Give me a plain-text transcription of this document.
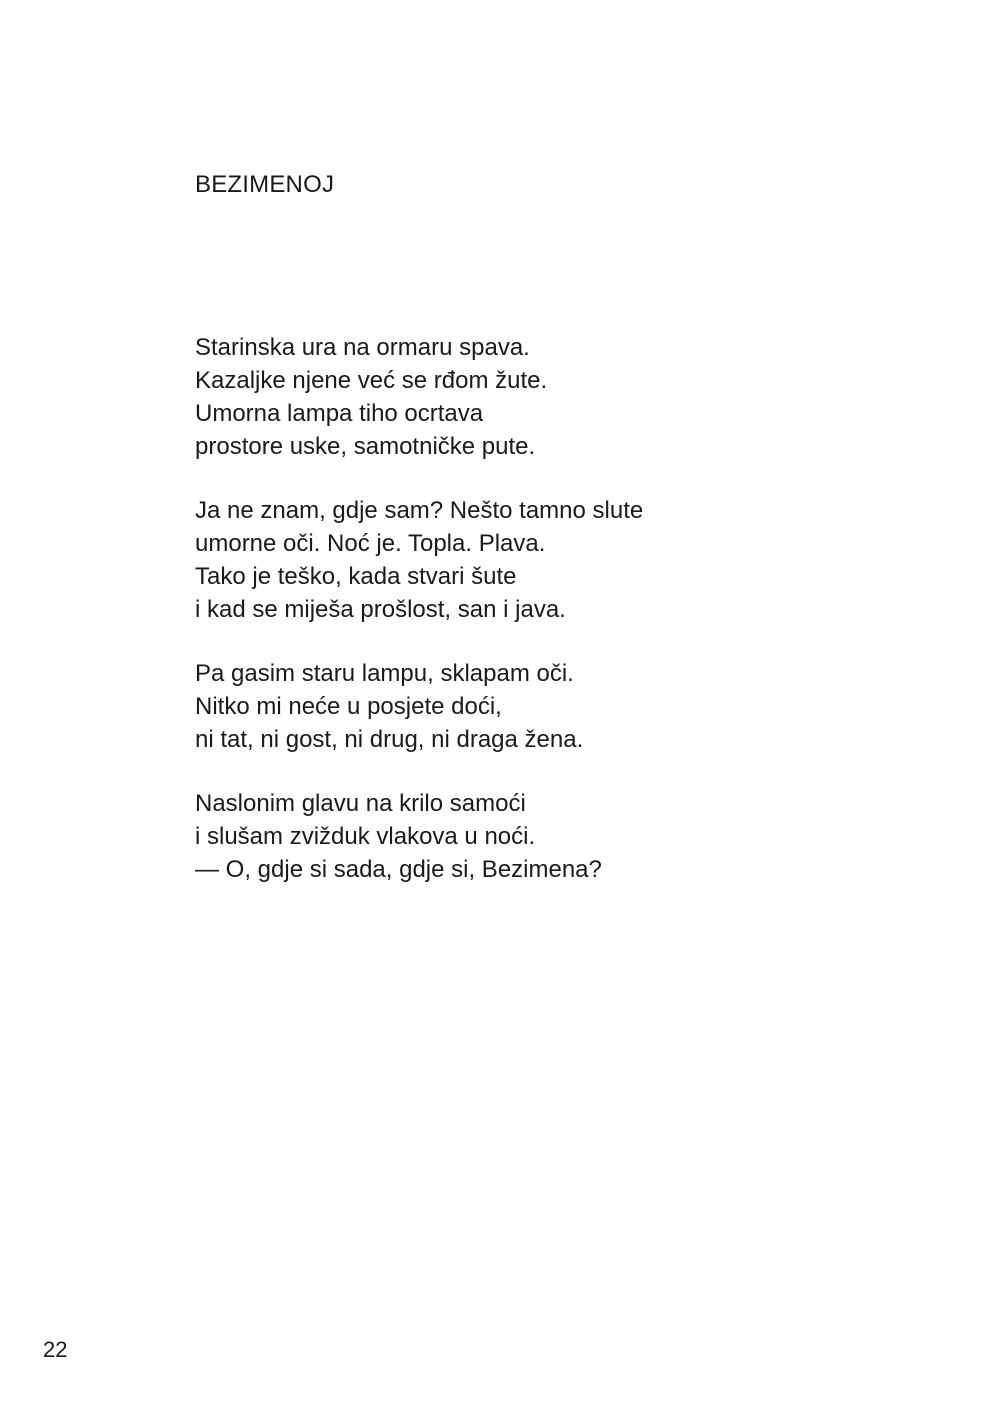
BEZIMENOJ
Starinska ura na ormaru spava.
Kazaljke njene već se rđom žute.
Umorna lampa tiho ocrtava
prostore uske, samotničke pute.
Ja ne znam, gdje sam? Nešto tamno slute
umorne oči. Noć je. Topla. Plava.
Tako je teško, kada stvari šute
i kad se miješa prošlost, san i java.
Pa gasim staru lampu, sklapam oči.
Nitko mi neće u posjete doći,
ni tat, ni gost, ni drug, ni draga žena.
Naslonim glavu na krilo samoći
i slušam zvižduk vlakova u noći.
— O, gdje si sada, gdje si, Bezimena?
22
